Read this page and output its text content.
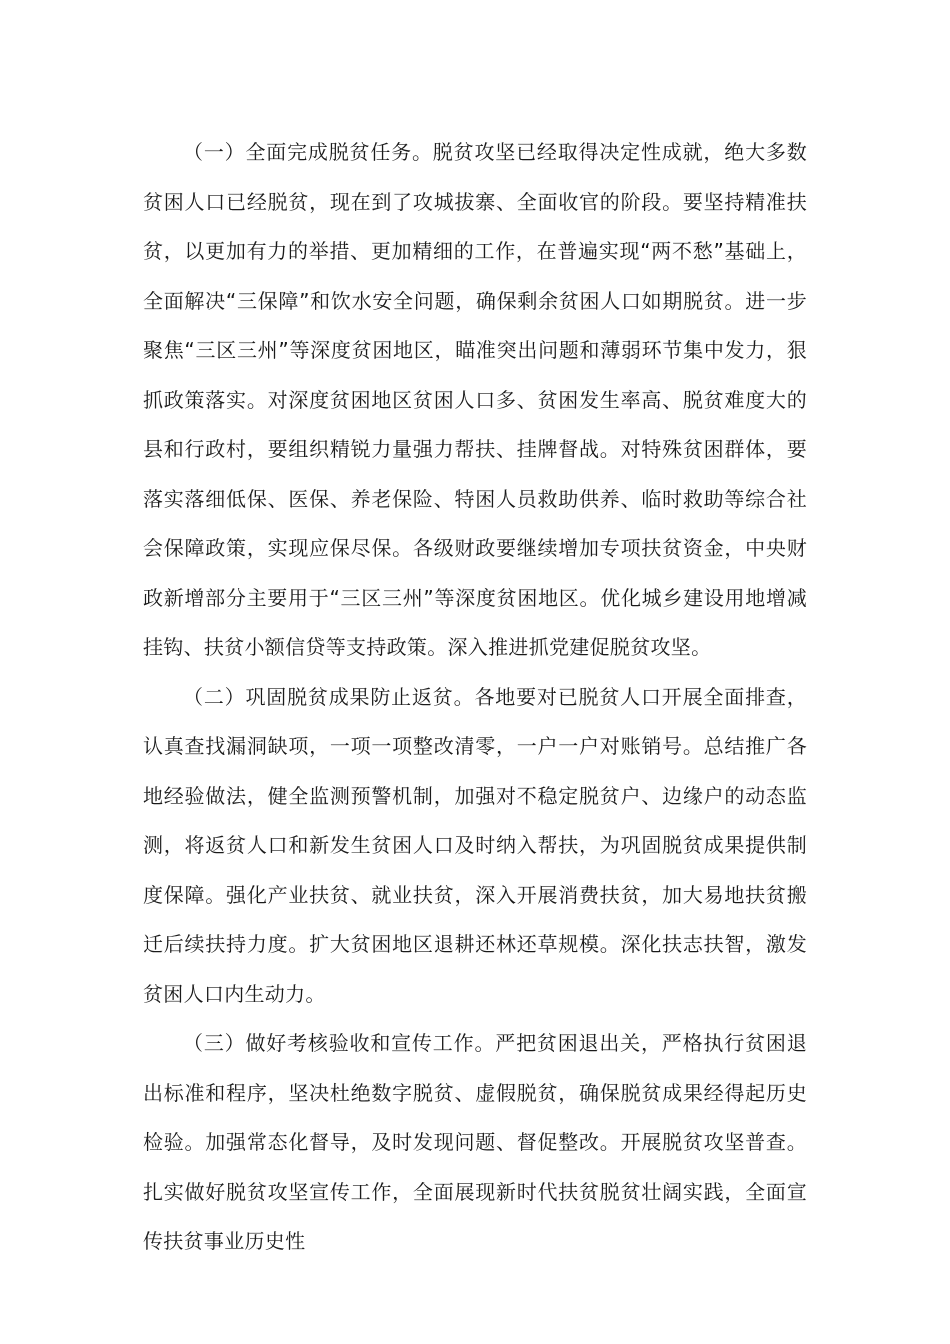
（一）全面完成脱贫任务。脱贫攻坚已经取得决定性成就，绝大多数贫困人口已经脱贫，现在到了攻城拔寨、全面收官的阶段。要坚持精准扶贫，以更加有力的举措、更加精细的工作，在普遍实现“两不愁”基础上，全面解决“三保障”和饮水安全问题，确保剩余贫困人口如期脱贫。进一步聚焦“三区三州”等深度贫困地区，瞄准突出问题和薄弱环节集中发力，狠抓政策落实。对深度贫困地区贫困人口多、贫困发生率高、脱贫难度大的县和行政村，要组织精锐力量强力帮扶、挂牌督战。对特殊贫困群体，要落实落细低保、医保、养老保险、特困人员救助供养、临时救助等综合社会保障政策，实现应保尽保。各级财政要继续增加专项扶贫资金，中央财政新增部分主要用于“三区三州”等深度贫困地区。优化城乡建设用地增减挂钩、扶贫小额信贷等支持政策。深入推进抓党建促脱贫攻坚。

（二）巩固脱贫成果防止返贫。各地要对已脱贫人口开展全面排查，认真查找漏洞缺项，一项一项整改清零，一户一户对账销号。总结推广各地经验做法，健全监测预警机制，加强对不稳定脱贫户、边缘户的动态监测，将返贫人口和新发生贫困人口及时纳入帮扶，为巩固脱贫成果提供制度保障。强化产业扶贫、就业扶贫，深入开展消费扶贫，加大易地扶贫搬迁后续扶持力度。扩大贫困地区退耕还林还草规模。深化扶志扶智，激发贫困人口内生动力。

（三）做好考核验收和宣传工作。严把贫困退出关，严格执行贫困退出标准和程序，坚决杜绝数字脱贫、虚假脱贫，确保脱贫成果经得起历史检验。加强常态化督导，及时发现问题、督促整改。开展脱贫攻坚普查。扎实做好脱贫攻坚宣传工作，全面展现新时代扶贫脱贫壮阔实践，全面宣传扶贫事业历史性
